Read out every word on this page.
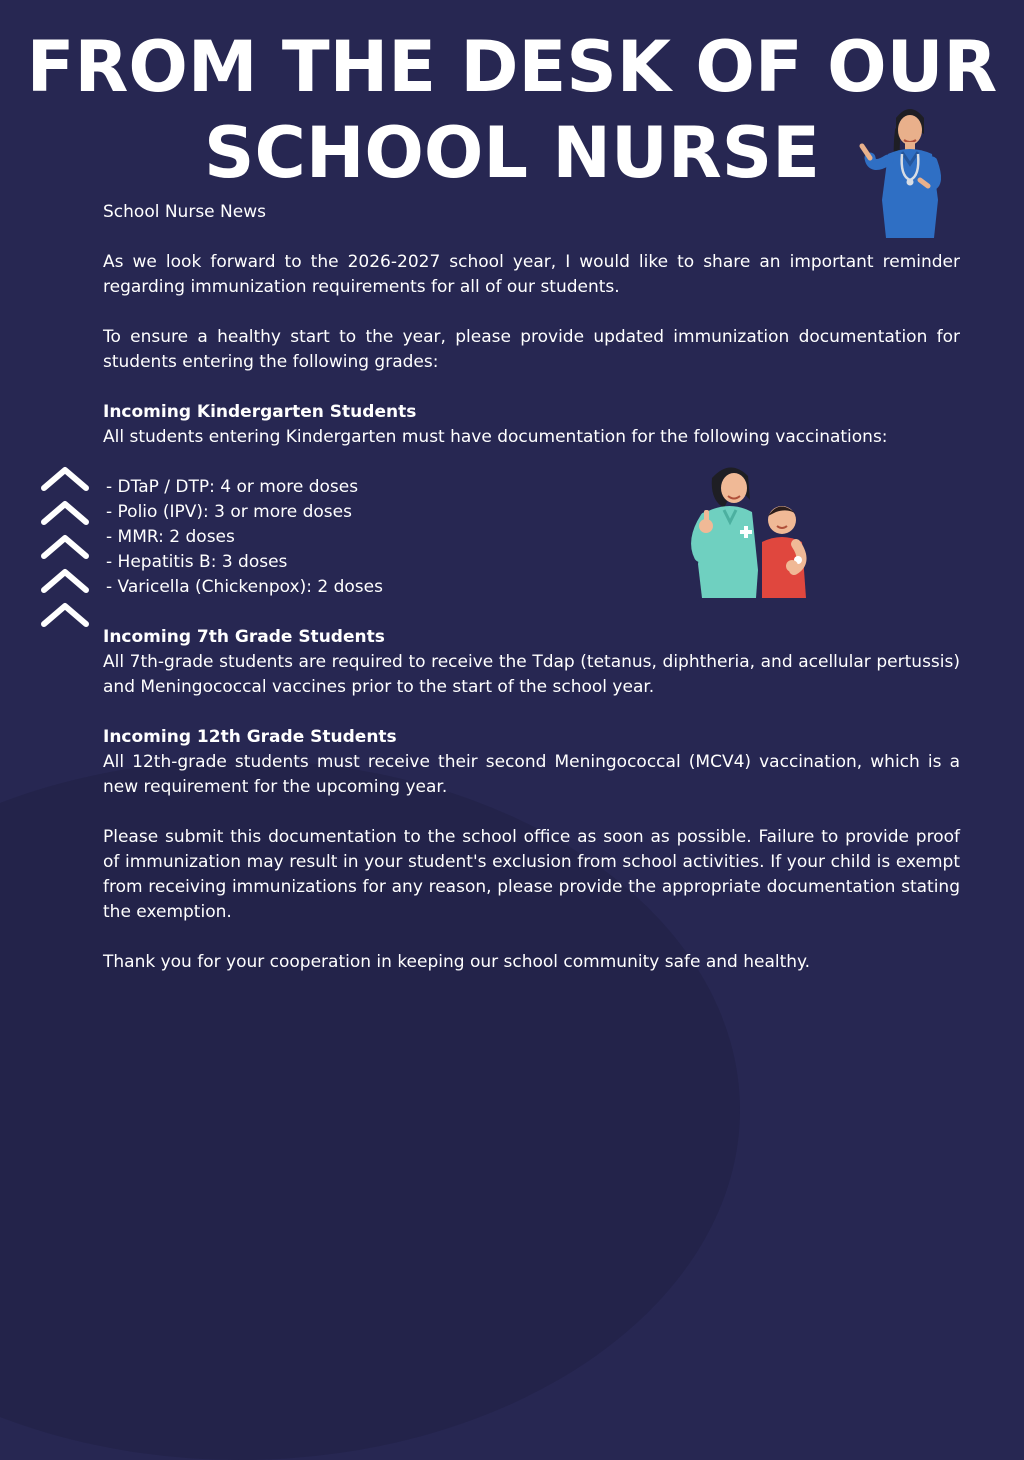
FROM THE DESK OF OUR
SCHOOL NURSE

School Nurse News

As we look forward to the 2026-2027 school year, I would like to share an important reminder regarding immunization requirements for all of our students.

To ensure a healthy start to the year, please provide updated immunization documentation for students entering the following grades:

Incoming Kindergarten Students

All students entering Kindergarten must have documentation for the following vaccinations:

- DTaP / DTP: 4 or more doses
- Polio (IPV): 3 or more doses
- MMR: 2 doses
- Hepatitis B: 3 doses
- Varicella (Chickenpox): 2 doses

Incoming 7th Grade Students

All 7th-grade students are required to receive the Tdap (tetanus, diphtheria, and acellular pertussis) and Meningococcal vaccines prior to the start of the school year.

Incoming 12th Grade Students

All 12th-grade students must receive their second Meningococcal (MCV4) vaccination, which is a new requirement for the upcoming year.

Please submit this documentation to the school office as soon as possible. Failure to provide proof of immunization may result in your student's exclusion from school activities. If your child is exempt from receiving immunizations for any reason, please provide the appropriate documentation stating the exemption.

Thank you for your cooperation in keeping our school community safe and healthy.
